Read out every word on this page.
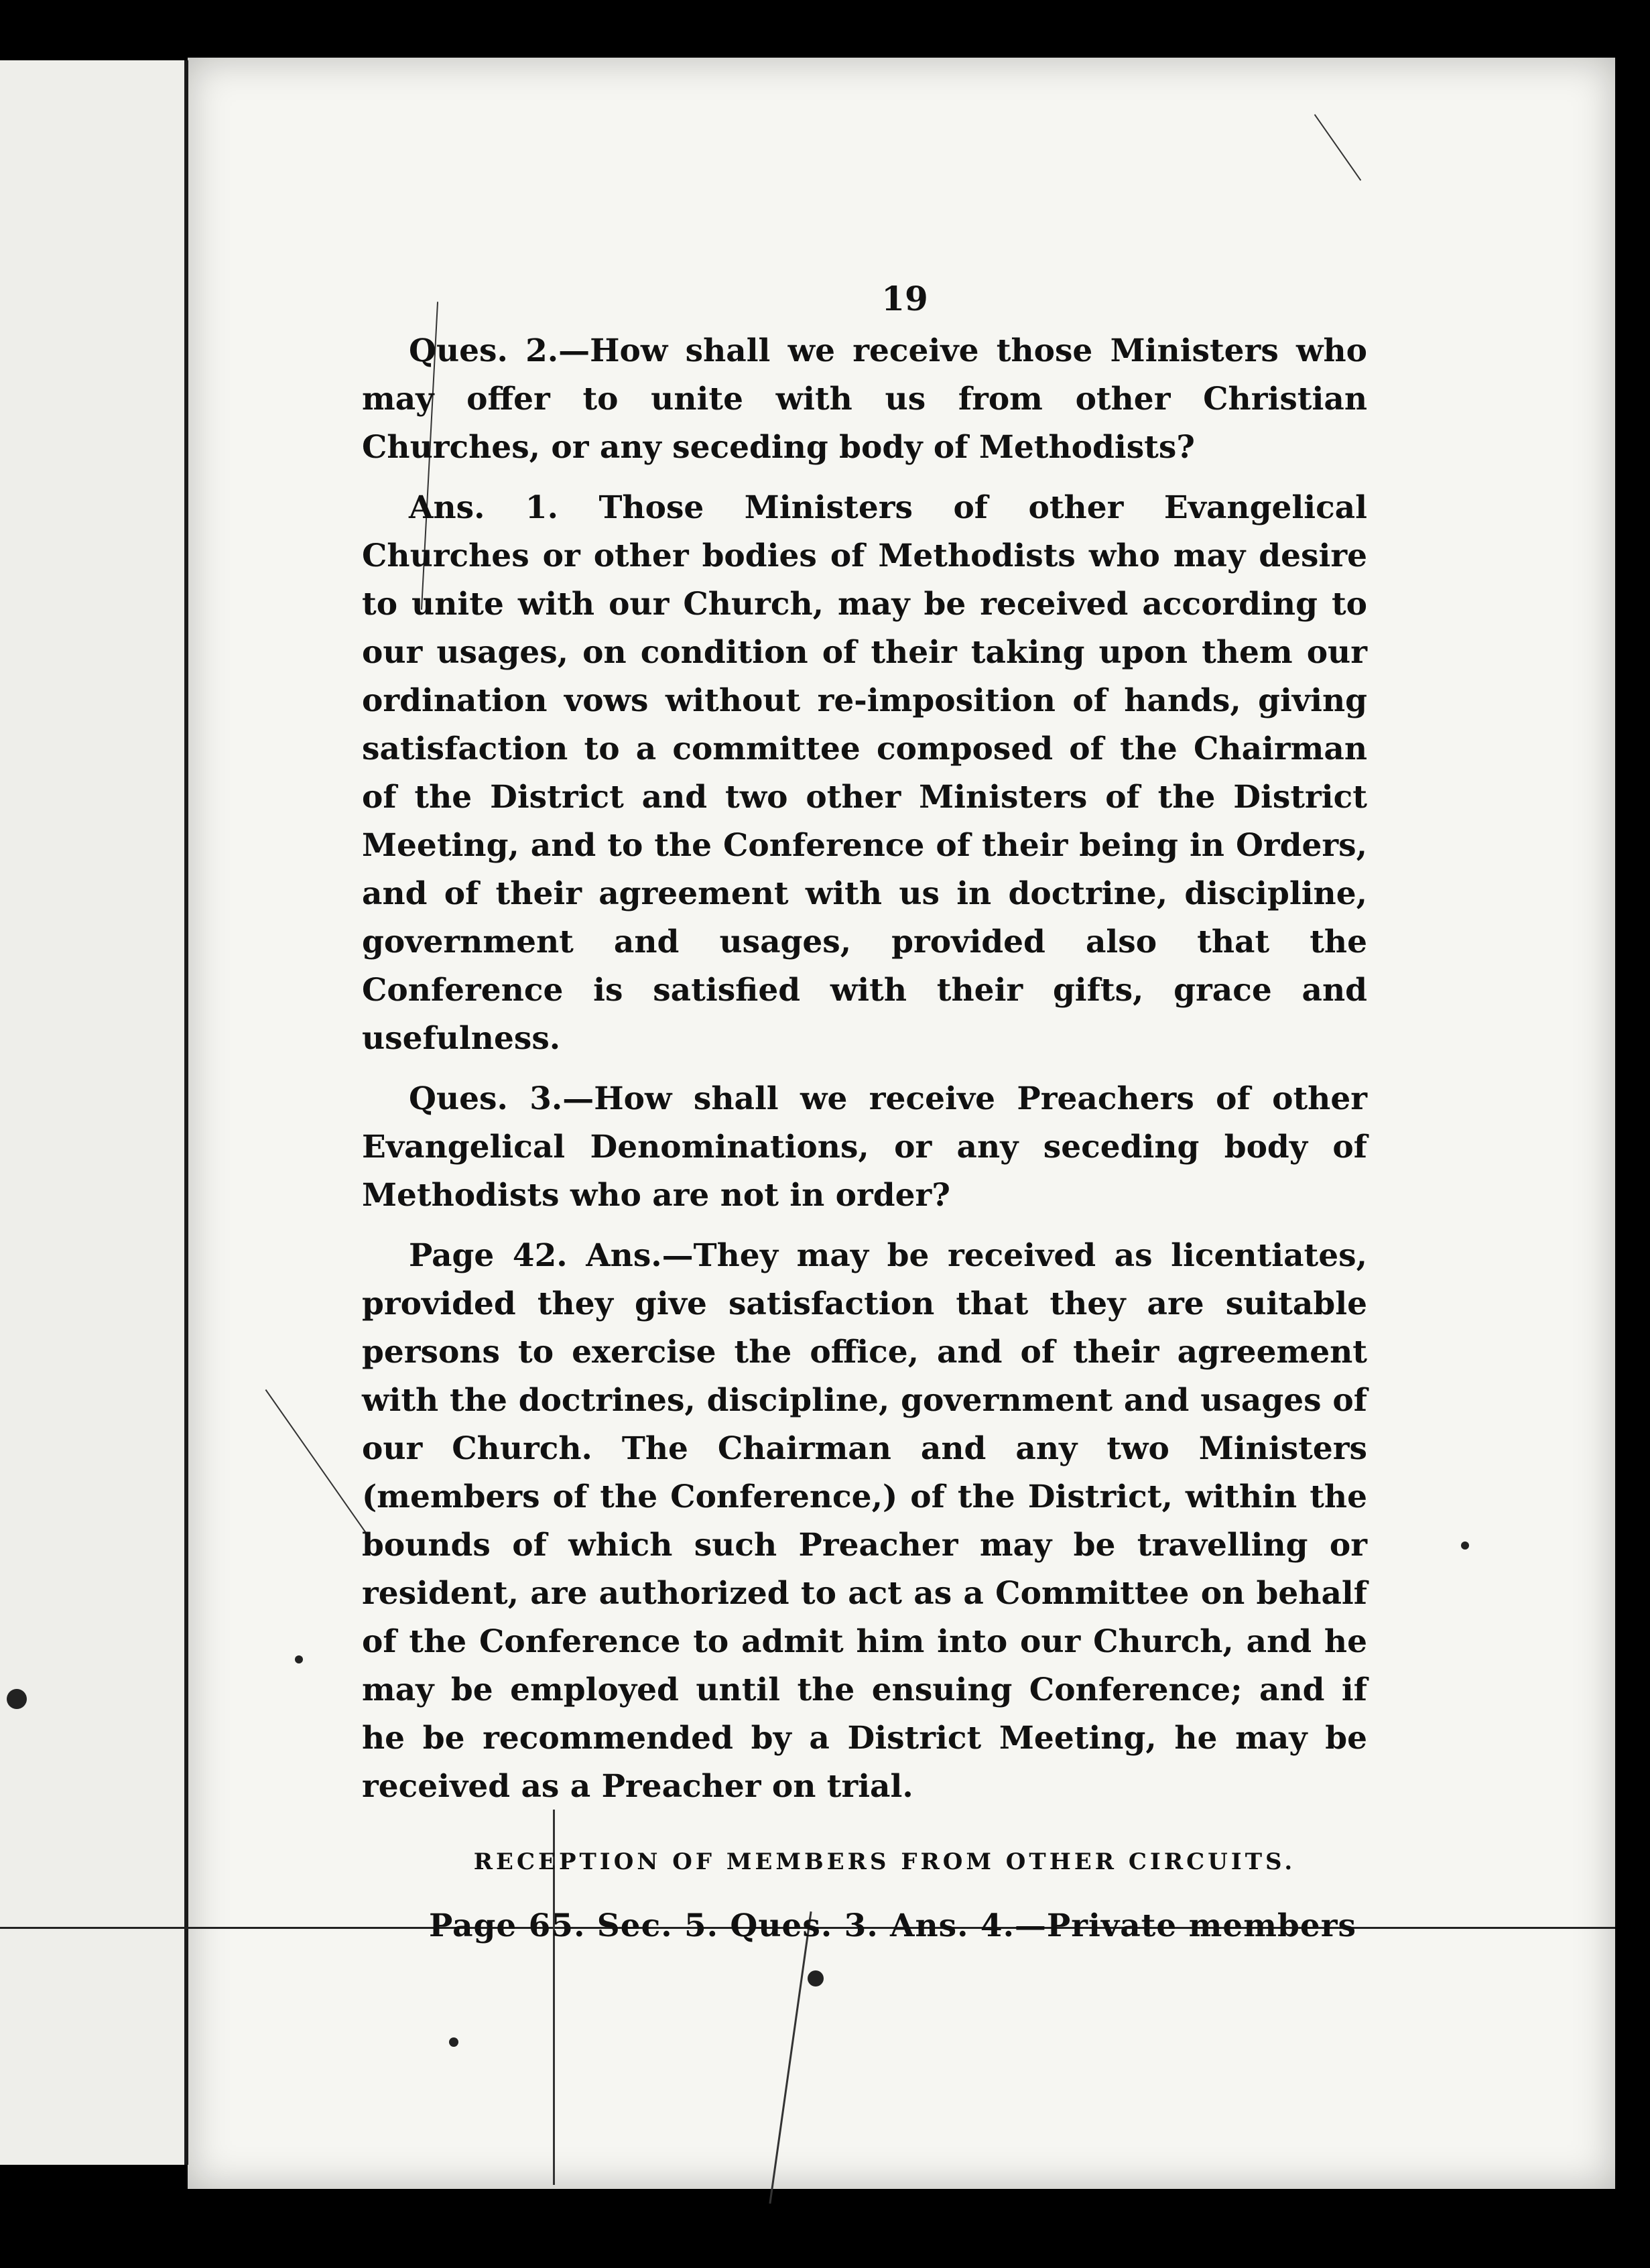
19

Ques. 2.—How shall we receive those Ministers who may offer to unite with us from other Christian Churches, or any seceding body of Methodists?

Ans. 1. Those Ministers of other Evangelical Churches or other bodies of Methodists who may desire to unite with our Church, may be received according to our usages, on condition of their taking upon them our ordination vows without re-imposition of hands, giving satisfaction to a committee composed of the Chairman of the District and two other Ministers of the District Meeting, and to the Conference of their being in Orders, and of their agreement with us in doctrine, discipline, government and usages, provided also that the Conference is satisfied with their gifts, grace and usefulness.

Ques. 3.—How shall we receive Preachers of other Evangelical Denominations, or any seceding body of Methodists who are not in order?

Page 42. Ans.—They may be received as licentiates, provided they give satisfaction that they are suitable persons to exercise the office, and of their agreement with the doctrines, discipline, government and usages of our Church. The Chairman and any two Ministers (members of the Conference,) of the District, within the bounds of which such Preacher may be travelling or resident, are authorized to act as a Committee on behalf of the Conference to admit him into our Church, and he may be employed until the ensuing Conference; and if he be recommended by a District Meeting, he may be received as a Preacher on trial.

RECEPTION OF MEMBERS FROM OTHER CIRCUITS.

Page 65. Sec. 5. Ques. 3. Ans. 4.—Private members
